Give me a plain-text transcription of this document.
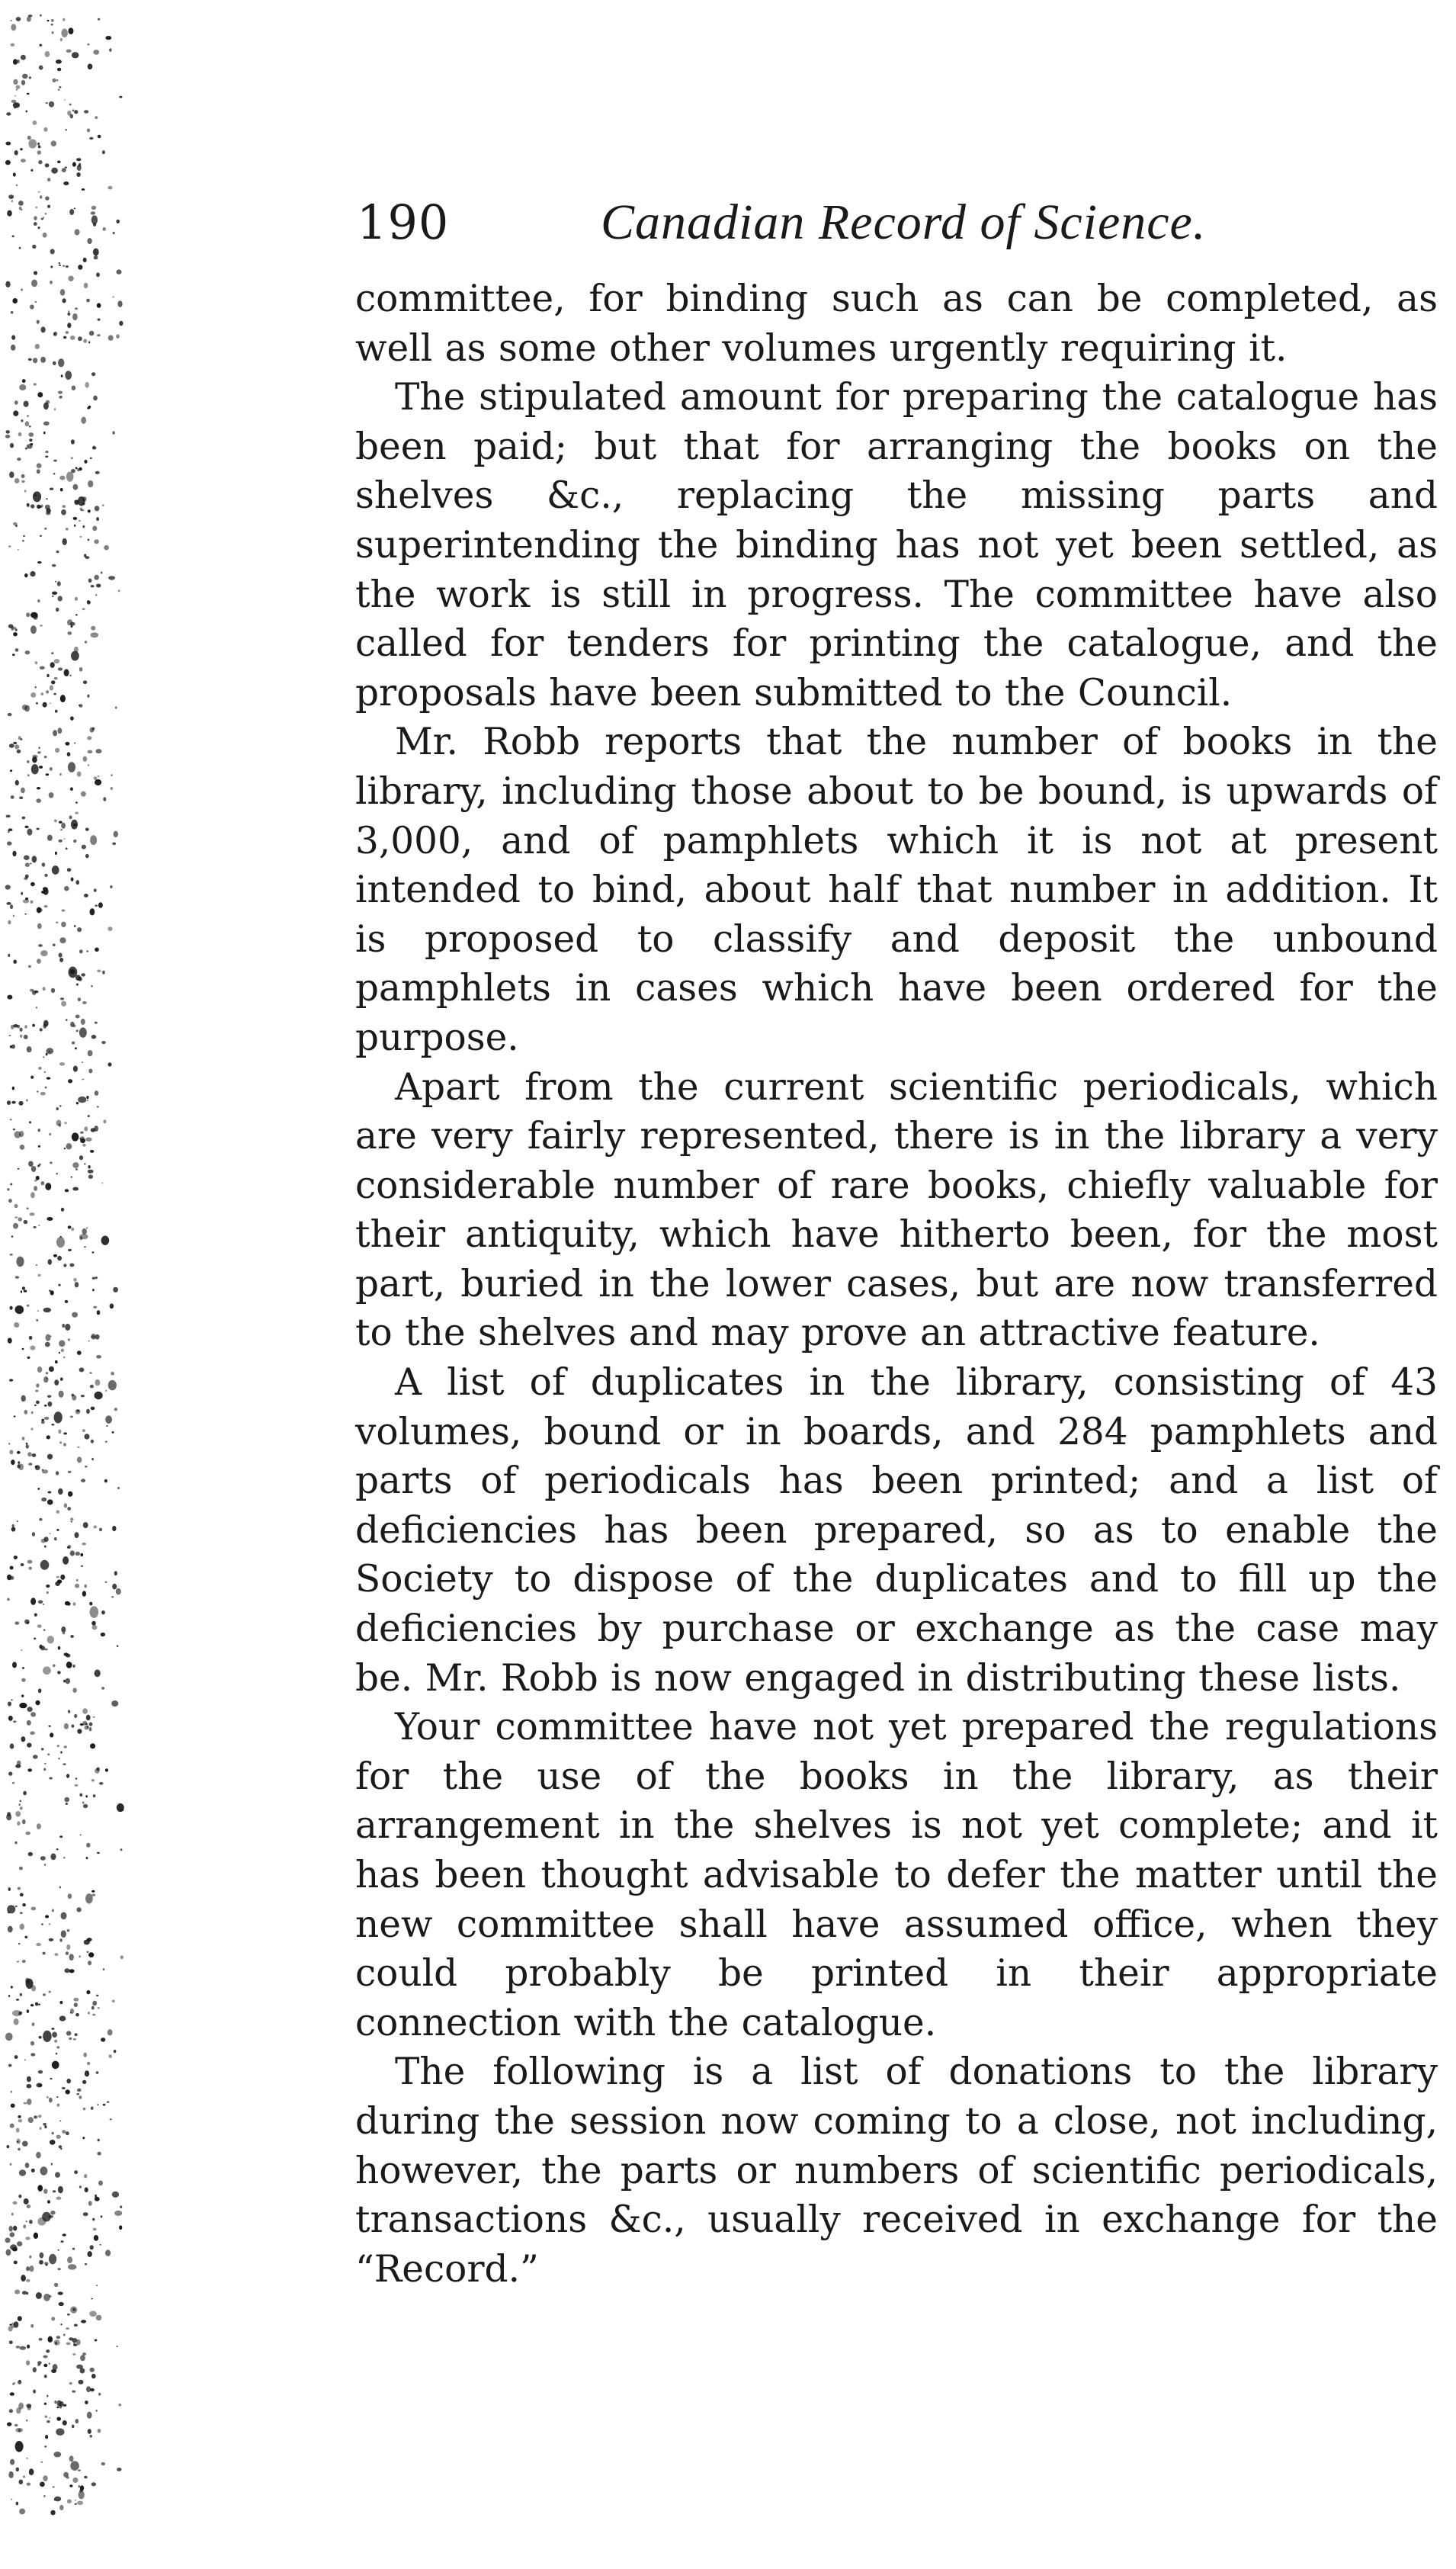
190	Canadian Record of Science.

committee, for binding such as can be completed, as well as some other volumes urgently requiring it.

The stipulated amount for preparing the catalogue has been paid; but that for arranging the books on the shelves &c., replacing the missing parts and superintending the binding has not yet been settled, as the work is still in progress. The committee have also called for tenders for printing the catalogue, and the proposals have been submitted to the Council.

Mr. Robb reports that the number of books in the library, including those about to be bound, is upwards of 3,000, and of pamphlets which it is not at present intended to bind, about half that number in addition. It is proposed to classify and deposit the unbound pamphlets in cases which have been ordered for the purpose.

Apart from the current scientific periodicals, which are very fairly represented, there is in the library a very considerable number of rare books, chiefly valuable for their antiquity, which have hitherto been, for the most part, buried in the lower cases, but are now transferred to the shelves and may prove an attractive feature.

A list of duplicates in the library, consisting of 43 volumes, bound or in boards, and 284 pamphlets and parts of periodicals has been printed; and a list of deficiencies has been prepared, so as to enable the Society to dispose of the duplicates and to fill up the deficiencies by purchase or exchange as the case may be. Mr. Robb is now engaged in distributing these lists.

Your committee have not yet prepared the regulations for the use of the books in the library, as their arrangement in the shelves is not yet complete; and it has been thought advisable to defer the matter until the new committee shall have assumed office, when they could probably be printed in their appropriate connection with the catalogue.

The following is a list of donations to the library during the session now coming to a close, not including, however, the parts or numbers of scientific periodicals, transactions &c., usually received in exchange for the “Record.”
